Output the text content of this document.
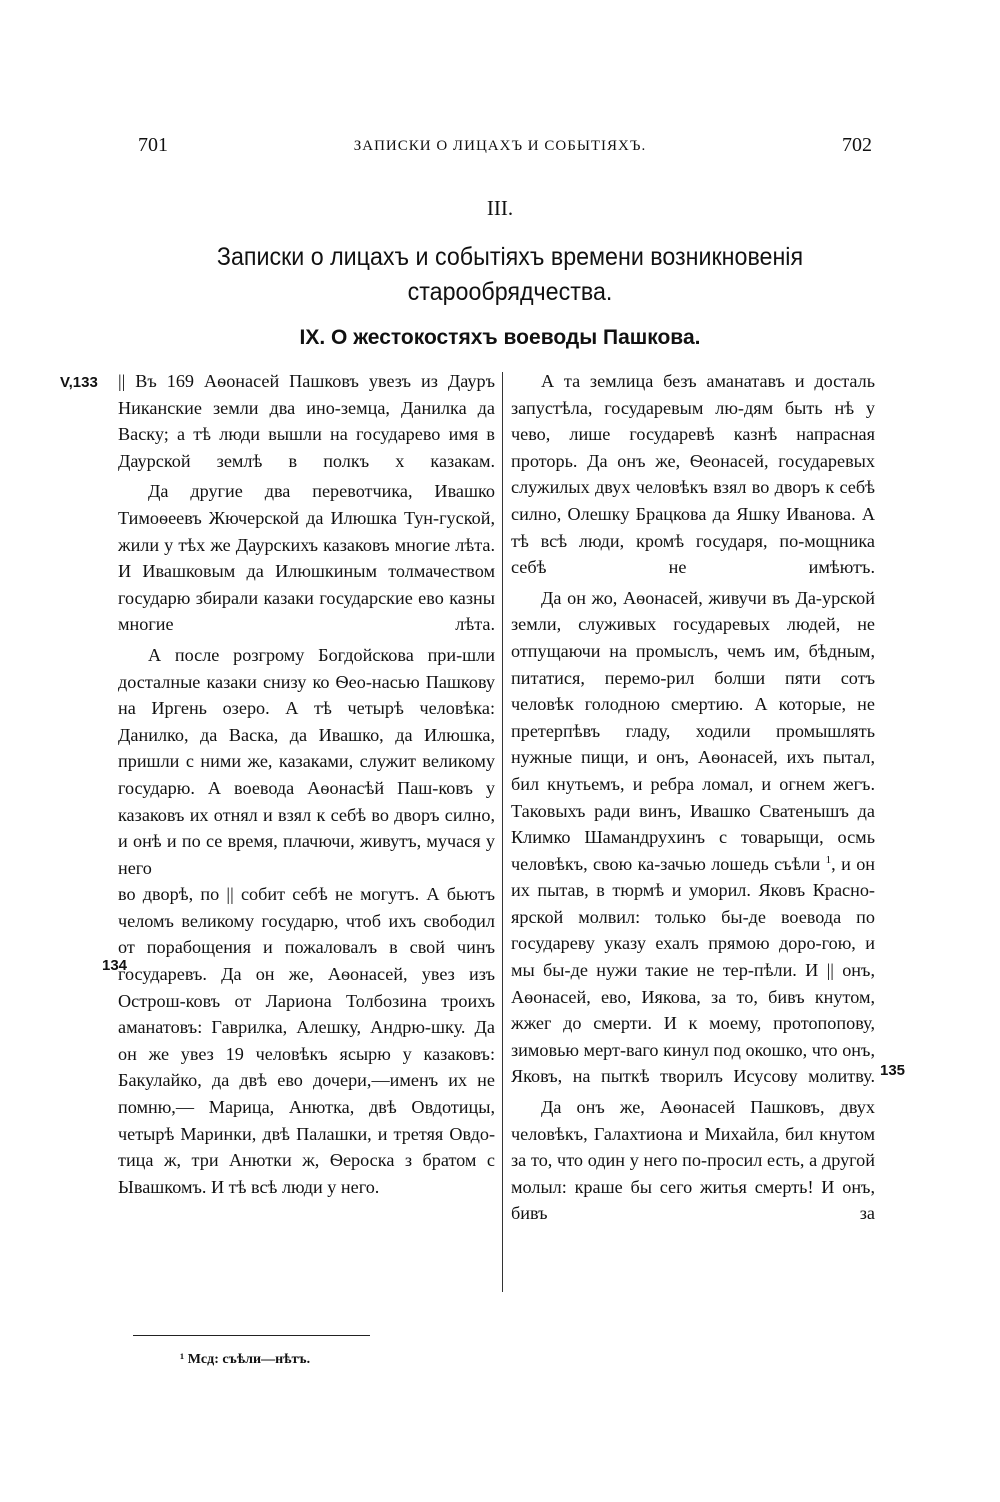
701	ЗАПИСКИ О ЛИЦАХЪ И СОБЫТІЯХЪ.	702
III.
Записки о лицахъ и событіяхъ времени возникновенія
старообрядчества.
IX. О жестокостяхъ воеводы Пашкова.
V,133
134
135

|| Въ 169 Аѳонасей Пашковъ увезъ из Дауръ Никанские земли два ино-земца, Данилка да Васку; а тѣ люди вышли на государево имя в Даурской землѣ в полкъ х казакам.

Да другие два перевотчика, Ивашко Тимоѳеевъ Жючерской да Илюшка Тун-гуской, жили у тѣх же Даурскихъ казаковъ многие лѣта. И Ивашковым да Илюшкиным толмачеством государю збирали казаки государские ево казны многие лѣта.

А после розгрому Богдойскова при-шли досталные казаки снизу ко Ѳео-насью Пашкову на Иргень озеро. А тѣ четырѣ человѣка: Данилко, да Васка, да Ивашко, да Илюшка, пришли с ними же, казаками, служит великому государю. А воевода Аѳонасѣй Паш-ковъ у казаковъ их отнял и взял к себѣ во дворъ силно, и онѣ и по се время, плачючи, живутъ, мучася у него

во дворѣ, по || собит себѣ не могутъ. А бьютъ челомъ великому государю, чтоб ихъ свободил от порабощения и пожаловалъ в свой чинъ государевъ. Да он же, Аѳонасей, увез изъ Острош-ковъ от Лариона Толбозина троихъ аманатовъ: Гаврилка, Алешку, Андрю-шку. Да он же увез 19 человѣкъ ясырю у казаковъ: Бакулайко, да двѣ ево дочери,—именъ их не помню,— Марица, Анютка, двѣ Овдотицы, четырѣ Маринки, двѣ Палашки, и третяя Овдо-тица ж, три Анютки ж, Ѳероска з братом с Ывашкомъ. И тѣ всѣ люди у него.

А та землица безъ аманатавъ и досталь запустѣла, государевым лю-дям быть нѣ у чево, лише государевѣ казнѣ напрасная проторь. Да онъ же, Ѳеонасей, государевых служилых двух человѣкъ взял во дворъ к себѣ силно, Олешку Брацкова да Яшку Иванова. А тѣ всѣ люди, кромѣ государя, по-мощника себѣ не имѣютъ.

Да он жо, Аѳонасей, живучи въ Да-урской земли, служивых государевых людей, не отпущаючи на промыслъ, чемъ им, бѣдным, питатися, перемо-рил болши пяти сотъ человѣк голодною смертию. А которые, не претерпѣвъ гладу, ходили промышлять нужные пищи, и онъ, Аѳонасей, ихъ пытал, бил кнутьемъ, и ребра ломал, и огнем жегъ. Таковыхъ ради винъ, Ивашко Сватенышъ да Климко Шамандрухинъ с товарыщи, осмь человѣкъ, свою ка-зачью лошедь съѣли $^1$, и он их пытав, в тюрмѣ и уморил. Яковъ Красно-ярской молвил: только бы-де воевода по государеву указу ехалъ прямою доро-гою, и мы бы-де нужи такие не тер-пѣли. И || онъ, Аѳонасей, ево, Иякова, за то, бивъ кнутом, жжег до смерти. И к моему, протопопову, зимовью мерт-ваго кинул под окошко, что онъ, Яковъ, на пыткѣ творилъ Исусову молитву.

Да онъ же, Аѳонасей Пашковъ, двух человѣкъ, Галахтиона и Михайла, бил кнутом за то, что один у него по-просил есть, а другой молыл: краше бы сего житья смерть! И онъ, бивъ за

¹ Мсд: съѣли—нѣтъ.
